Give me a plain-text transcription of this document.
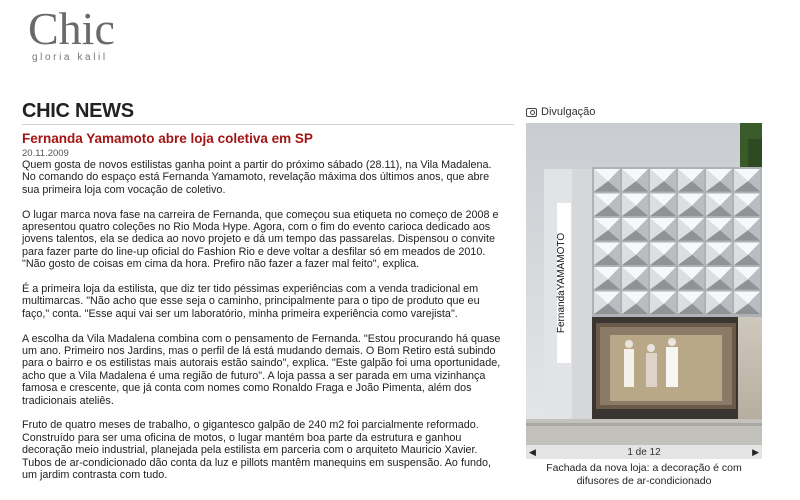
Chic
gloria kalil
CHIC NEWS
Fernanda Yamamoto abre loja coletiva em SP
20.11.2009

Quem gosta de novos estilistas ganha point a partir do próximo sábado (28.11), na Vila Madalena. No comando do espaço está Fernanda Yamamoto, revelação máxima dos últimos anos, que abre sua primeira loja com vocação de coletivo.

O lugar marca nova fase na carreira de Fernanda, que começou sua etiqueta no começo de 2008 e apresentou quatro coleções no Rio Moda Hype. Agora, com o fim do evento carioca dedicado aos jovens talentos, ela se dedica ao novo projeto e dá um tempo das passarelas. Dispensou o convite para fazer parte do line-up oficial do Fashion Rio e deve voltar a desfilar só em meados de 2010. "Não gosto de coisas em cima da hora. Prefiro não fazer a fazer mal feito", explica.

É a primeira loja da estilista, que diz ter tido péssimas experiências com a venda tradicional em multimarcas. "Não acho que esse seja o caminho, principalmente para o tipo de produto que eu faço," conta. "Esse aqui vai ser um laboratório, minha primeira experiência como varejista".

A escolha da Vila Madalena combina com o pensamento de Fernanda. "Estou procurando há quase um ano. Primeiro nos Jardins, mas o perfil de lá está mudando demais. O Bom Retiro está subindo para o bairro e os estilistas mais autorais estão saindo", explica. "Este galpão foi uma oportunidade, acho que a Vila Madalena é uma região de futuro". A loja passa a ser parada em uma vizinhança famosa e crescente, que já conta com nomes como Ronaldo Fraga e João Pimenta, além dos tradicionais ateliês.

Fruto de quatro meses de trabalho, o gigantesco galpão de 240 m2 foi parcialmente reformado. Construído para ser uma oficina de motos, o lugar mantém boa parte da estrutura e ganhou decoração meio industrial, planejada pela estilista em parceria com o arquiteto Mauricio Xavier. Tubos de ar-condicionado dão conta da luz e pillots mantêm manequins em suspensão. Ao fundo, um jardim contrasta com tudo.

Divulgação
FernandaYAMAMOTO
◀	1 de 12	▶
Fachada da nova loja: a decoração é com difusores de ar-condicionado
